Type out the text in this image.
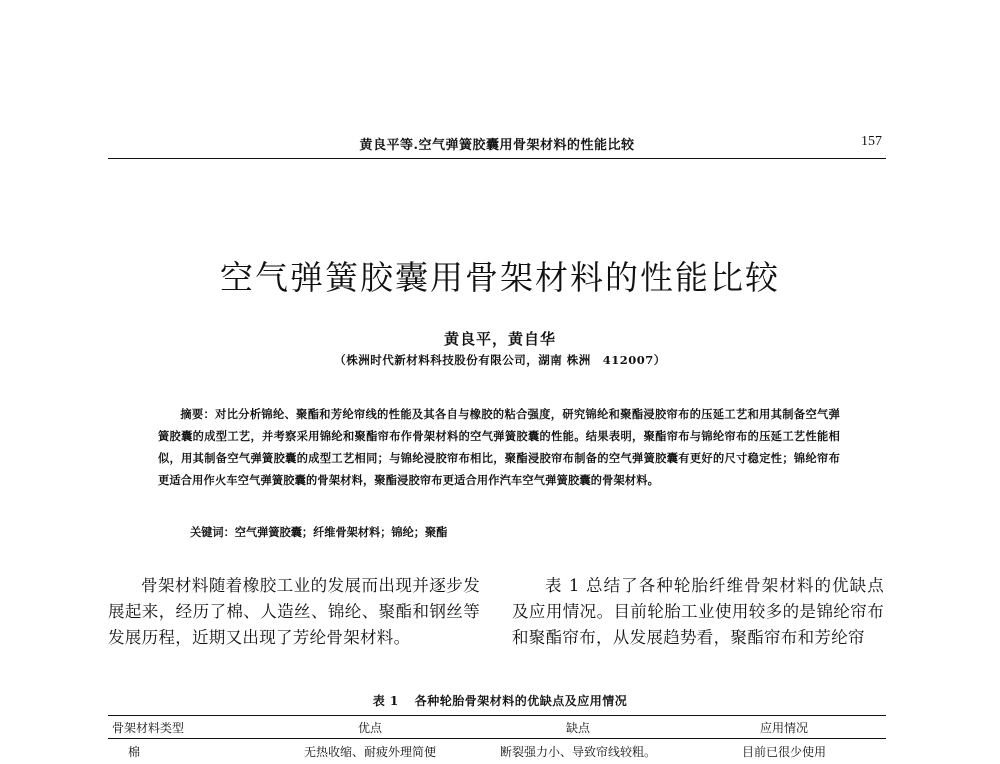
黄良平等.空气弹簧胶囊用骨架材料的性能比较	157
空气弹簧胶囊用骨架材料的性能比较
黄良平，黄自华
（株洲时代新材料科技股份有限公司，湖南 株洲　412007）
摘要：对比分析锦纶、聚酯和芳纶帘线的性能及其各自与橡胶的粘合强度，研究锦纶和聚酯浸胶帘布的压延工艺和用其制备空气弹簧胶囊的成型工艺，并考察采用锦纶和聚酯帘布作骨架材料的空气弹簧胶囊的性能。结果表明，聚酯帘布与锦纶帘布的压延工艺性能相似，用其制备空气弹簧胶囊的成型工艺相同；与锦纶浸胶帘布相比，聚酯浸胶帘布制备的空气弹簧胶囊有更好的尺寸稳定性；锦纶帘布更适合用作火车空气弹簧胶囊的骨架材料，聚酯浸胶帘布更适合用作汽车空气弹簧胶囊的骨架材料。
关键词：空气弹簧胶囊；纤维骨架材料；锦纶；聚酯
骨架材料随着橡胶工业的发展而出现并逐步发展起来，经历了棉、人造丝、锦纶、聚酯和钢丝等发展历程，近期又出现了芳纶骨架材料。
表 1 总结了各种轮胎纤维骨架材料的优缺点及应用情况。目前轮胎工业使用较多的是锦纶帘布和聚酯帘布，从发展趋势看，聚酯帘布和芳纶帘
表 1 各种轮胎骨架材料的优缺点及应用情况
骨架材料类型	优点	缺点	应用情况
棉	无热收缩、耐疲外理简便	断裂强力小、导致帘线较粗。	目前已很少使用
